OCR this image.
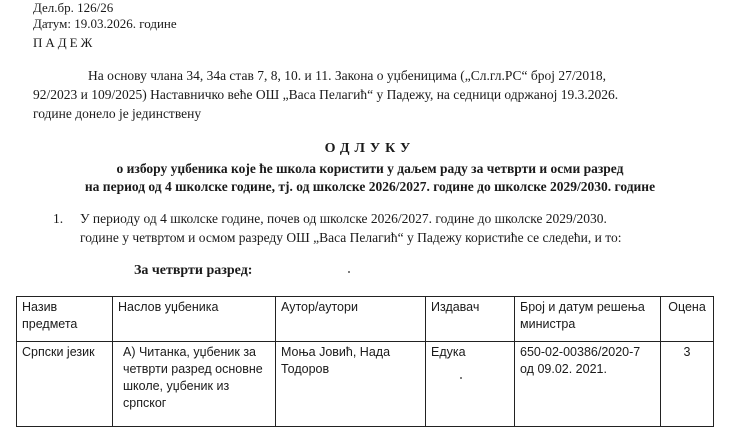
Дел.бр. 126/26
Датум: 19.03.2026. године
ПАДЕЖ
На основу члана 34, 34а став 7, 8, 10. и 11. Закона о уџбеницима („Сл.гл.РС“ број 27/2018,
92/2023 и 109/2025) Наставничко веће ОШ „Васа Пелагић“ у Падежу, на седници одржаној 19.3.2026.
године донело је јединствену
ОДЛУКУ
о избору уџбеника које ће школа користити у даљем раду за четврти и осми разред
на период од 4 школске године, тј. од школске 2026/2027. године до школске 2029/2030. године
1. У периоду од 4 школске године, почев од школске 2026/2027. године до школске 2029/2030.
године у четвртом и осмом разреду ОШ „Васа Пелагић“ у Падежу користиће се следећи, и то:
За четврти разред:
Назив предмета	Наслов уџбеника	Аутор/аутори	Издавач	Број и датум решења министра	Оцена
Српски језик	А) Читанка, уџбеник за четврти разред основне школе, уџбеник из српског	Моња Јовић, Нада Тодоров	Едука	650-02-00386/2020-7 од 09.02. 2021.	3
